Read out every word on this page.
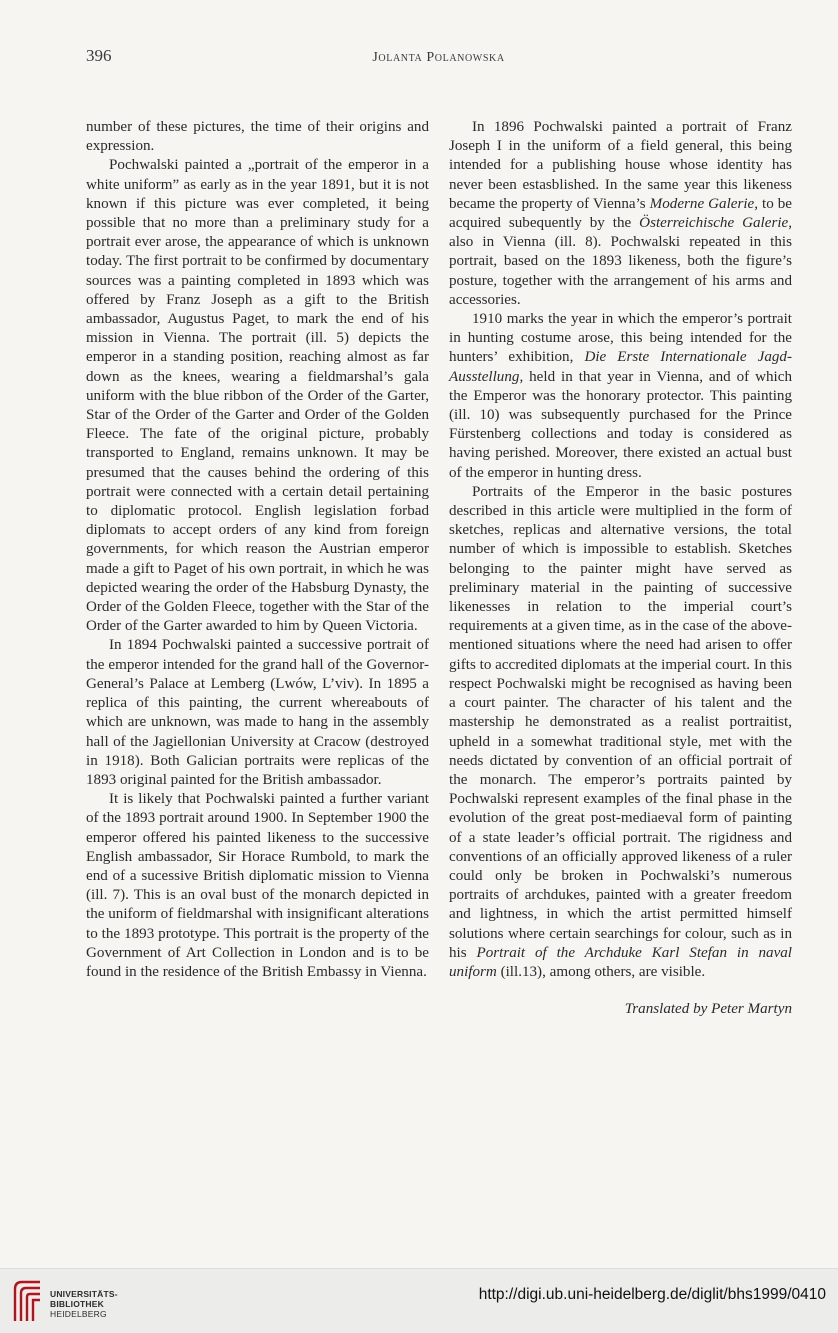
396	Jolanta Polanowska

number of these pictures, the time of their origins and expression.

Pochwalski painted a „portrait of the emperor in a white uniform” as early as in the year 1891, but it is not known if this picture was ever completed, it being possible that no more than a preliminary study for a portrait ever arose, the appearance of which is unknown today. The first portrait to be confirmed by documentary sources was a painting completed in 1893 which was offered by Franz Joseph as a gift to the British ambassador, Augustus Paget, to mark the end of his mission in Vienna. The portrait (ill. 5) depicts the emperor in a standing position, reaching almost as far down as the knees, wearing a fieldmarshal’s gala uniform with the blue ribbon of the Order of the Garter, Star of the Order of the Garter and Order of the Golden Fleece. The fate of the original picture, probably transported to England, remains unknown. It may be presumed that the causes behind the ordering of this portrait were connected with a certain detail pertaining to diplomatic protocol. English legislation forbad diplomats to accept orders of any kind from foreign governments, for which reason the Austrian emperor made a gift to Paget of his own portrait, in which he was depicted wearing the order of the Habsburg Dynasty, the Order of the Golden Fleece, together with the Star of the Order of the Garter awarded to him by Queen Victoria.

In 1894 Pochwalski painted a successive portrait of the emperor intended for the grand hall of the Governor-General’s Palace at Lemberg (Lwów, L’viv). In 1895 a replica of this painting, the current whereabouts of which are unknown, was made to hang in the assembly hall of the Jagiellonian University at Cracow (destroyed in 1918). Both Galician portraits were replicas of the 1893 original painted for the British ambassador.

It is likely that Pochwalski painted a further variant of the 1893 portrait around 1900. In September 1900 the emperor offered his painted likeness to the successive English ambassador, Sir Horace Rumbold, to mark the end of a sucessive British diplomatic mission to Vienna (ill. 7). This is an oval bust of the monarch depicted in the uniform of fieldmarshal with insignificant alterations to the 1893 prototype. This portrait is the property of the Government of Art Collection in London and is to be found in the residence of the British Embassy in Vienna.

In 1896 Pochwalski painted a portrait of Franz Joseph I in the uniform of a field general, this being intended for a publishing house whose identity has never been estasblished. In the same year this likeness became the property of Vienna’s Moderne Galerie, to be acquired subequently by the Österreichische Galerie, also in Vienna (ill. 8). Pochwalski repeated in this portrait, based on the 1893 likeness, both the figure’s posture, together with the arrangement of his arms and accessories.

1910 marks the year in which the emperor’s portrait in hunting costume arose, this being intended for the hunters’ exhibition, Die Erste Internationale Jagd-Ausstellung, held in that year in Vienna, and of which the Emperor was the honorary protector. This painting (ill. 10) was subsequently purchased for the Prince Fürstenberg collections and today is considered as having perished. Moreover, there existed an actual bust of the emperor in hunting dress.

Portraits of the Emperor in the basic postures described in this article were multiplied in the form of sketches, replicas and alternative versions, the total number of which is impossible to establish. Sketches belonging to the painter might have served as preliminary material in the painting of successive likenesses in relation to the imperial court’s requirements at a given time, as in the case of the above-mentioned situations where the need had arisen to offer gifts to accredited diplomats at the imperial court. In this respect Pochwalski might be recognised as having been a court painter. The character of his talent and the mastership he demonstrated as a realist portraitist, upheld in a somewhat traditional style, met with the needs dictated by convention of an official portrait of the monarch. The emperor’s portraits painted by Pochwalski represent examples of the final phase in the evolution of the great post-mediaeval form of painting of a state leader’s official portrait. The rigidness and conventions of an officially approved likeness of a ruler could only be broken in Pochwalski’s numerous portraits of archdukes, painted with a greater freedom and lightness, in which the artist permitted himself solutions where certain searchings for colour, such as in his Portrait of the Archduke Karl Stefan in naval uniform (ill.13), among others, are visible.

Translated by Peter Martyn

UNIVERSITÄTS-
BIBLIOTHEK
HEIDELBERG
http://digi.ub.uni-heidelberg.de/diglit/bhs1999/0410
